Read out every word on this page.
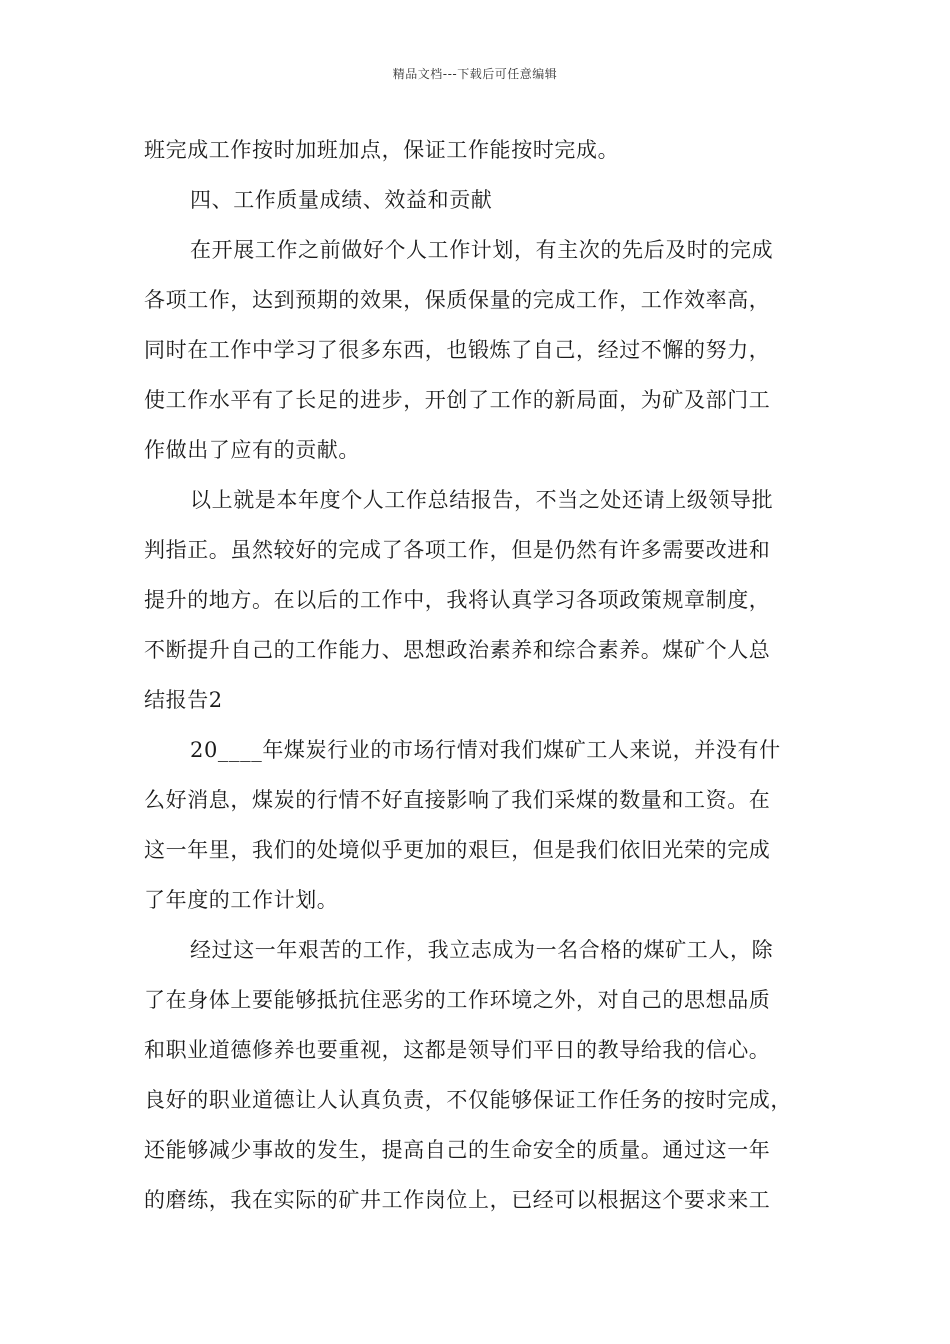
精品文档---下载后可任意编辑
班完成工作按时加班加点，保证工作能按时完成。
四、工作质量成绩、效益和贡献
在开展工作之前做好个人工作计划，有主次的先后及时的完成
各项工作，达到预期的效果，保质保量的完成工作，工作效率高，
同时在工作中学习了很多东西，也锻炼了自己，经过不懈的努力，
使工作水平有了长足的进步，开创了工作的新局面，为矿及部门工
作做出了应有的贡献。
以上就是本年度个人工作总结报告，不当之处还请上级领导批
判指正。虽然较好的完成了各项工作，但是仍然有许多需要改进和
提升的地方。在以后的工作中，我将认真学习各项政策规章制度，
不断提升自己的工作能力、思想政治素养和综合素养。煤矿个人总
结报告2
20____年煤炭行业的市场行情对我们煤矿工人来说，并没有什
么好消息，煤炭的行情不好直接影响了我们采煤的数量和工资。在
这一年里，我们的处境似乎更加的艰巨，但是我们依旧光荣的完成
了年度的工作计划。
经过这一年艰苦的工作，我立志成为一名合格的煤矿工人，除
了在身体上要能够抵抗住恶劣的工作环境之外，对自己的思想品质
和职业道德修养也要重视，这都是领导们平日的教导给我的信心。
良好的职业道德让人认真负责，不仅能够保证工作任务的按时完成，
还能够减少事故的发生，提高自己的生命安全的质量。通过这一年
的磨练，我在实际的矿井工作岗位上，已经可以根据这个要求来工
